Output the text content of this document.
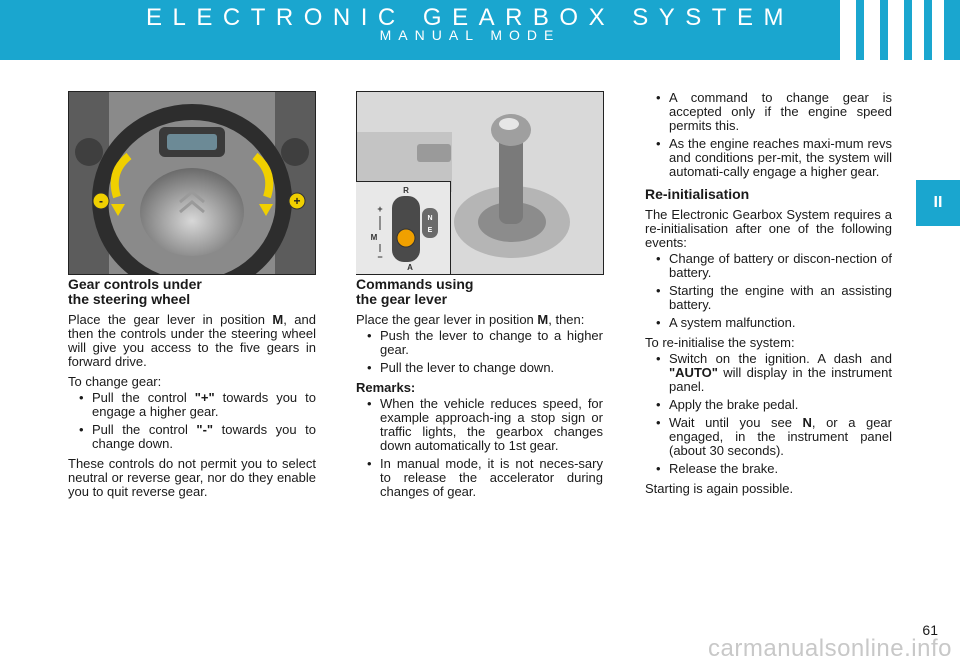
ELECTRONIC GEARBOX SYSTEM
MANUAL MODE
II
-	+
R
+
M
−
A
N
E
Gear controls under
the steering wheel

Place the gear lever in position M, and then the controls under the steering wheel will give you access to the five gears in forward drive.

To change gear:

• Pull the control "+" towards you to engage a higher gear.
• Pull the control "-" towards you to change down.

These controls do not permit you to select neutral or reverse gear, nor do they enable you to quit reverse gear.

Commands using
the gear lever

Place the gear lever in position M, then:

• Push the lever to change to a higher gear.
• Pull the lever to change down.
Remarks:
• When the vehicle reduces speed, for example approach-ing a stop sign or traffic lights, the gearbox changes down automatically to 1st gear.
• In manual mode, it is not neces-sary to release the accelerator during changes of gear.
• A command to change gear is accepted only if the engine speed permits this.
• As the engine reaches maxi-mum revs and conditions per-mit, the system will automati-cally engage a higher gear.
Re-initialisation

The Electronic Gearbox System requires a re-initialisation after one of the following events:

• Change of battery or discon-nection of battery.
• Starting the engine with an assisting battery.
• A system malfunction.

To re-initialise the system:

• Switch on the ignition. A dash and "AUTO" will display in the instrument panel.
• Apply the brake pedal.
• Wait until you see N, or a gear engaged, in the instrument panel (about 30 seconds).
• Release the brake.

Starting is again possible.

61
carmanualsonline.info
